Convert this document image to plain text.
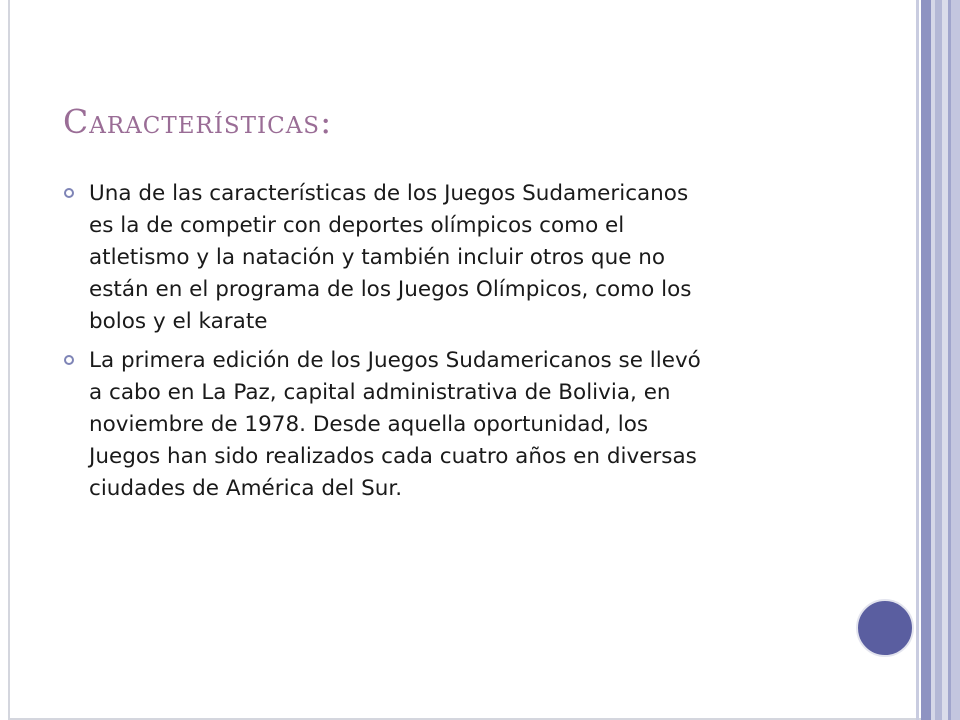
Características:
Una de las características de los Juegos Sudamericanos es la de competir con deportes olímpicos como el atletismo y la natación y también incluir otros que no están en el programa de los Juegos Olímpicos, como los bolos y el karate
La primera edición de los Juegos Sudamericanos se llevó a cabo en La Paz, capital administrativa de Bolivia, en noviembre de 1978. Desde aquella oportunidad, los Juegos han sido realizados cada cuatro años en diversas ciudades de América del Sur.
